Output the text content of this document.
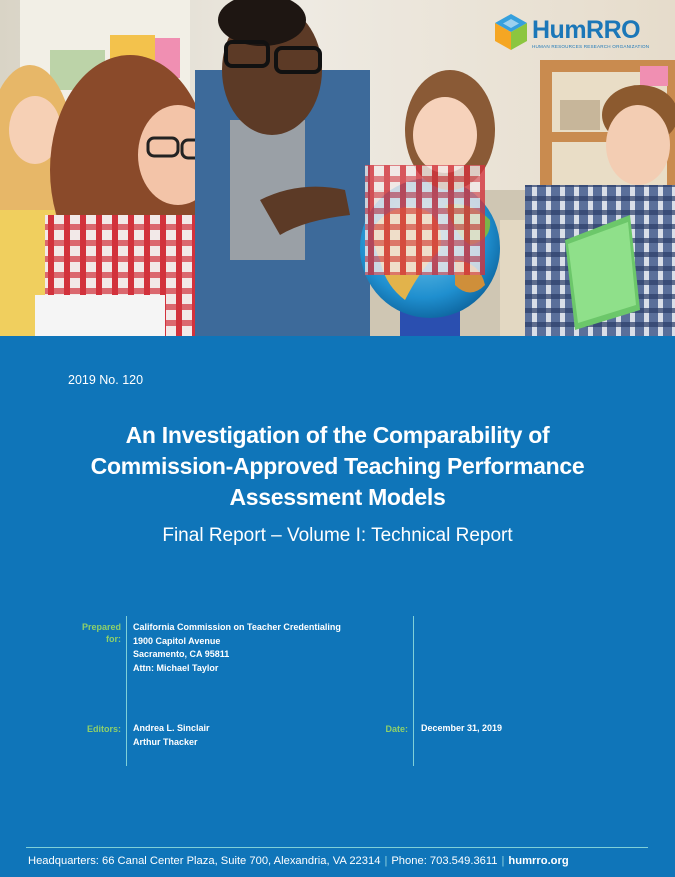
HumRRO
HUMAN RESOURCES RESEARCH ORGANIZATION
2019 No. 120
An Investigation of the Comparability of
Commission-Approved Teaching Performance
Assessment Models
Final Report – Volume I: Technical Report
Prepared
for:
California Commission on Teacher Credentialing
1900 Capitol Avenue
Sacramento, CA 95811
Attn: Michael Taylor
Editors: Andrea L. Sinclair
Arthur Thacker
Date: December 31, 2019
Headquarters: 66 Canal Center Plaza, Suite 700, Alexandria, VA 22314 | Phone: 703.549.3611 | humrro.org
